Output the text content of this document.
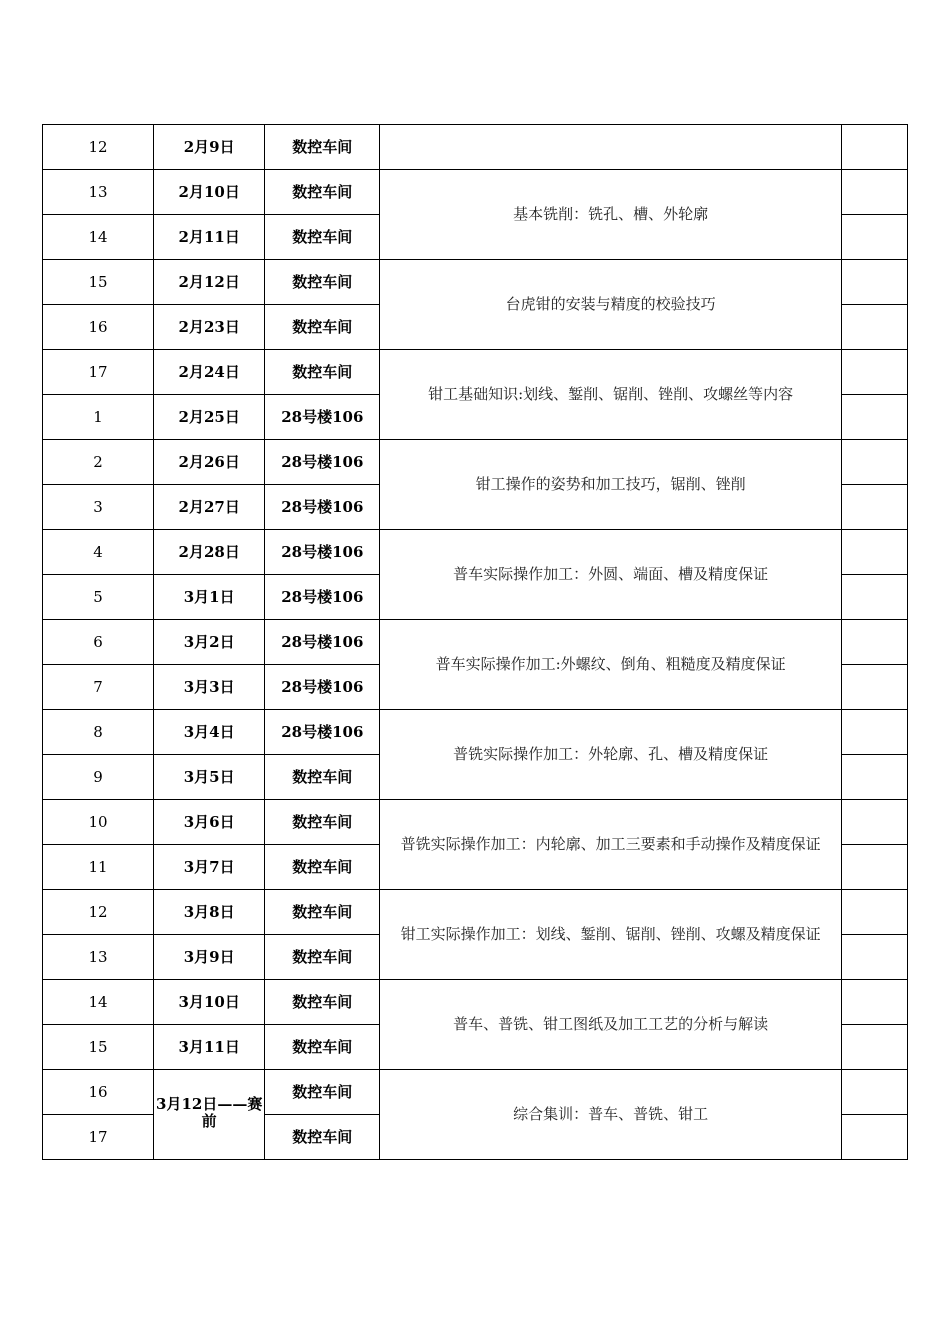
12	2月9日	数控车间		
13	2月10日	数控车间	基本铣削：铣孔、槽、外轮廓	
14	2月11日	数控车间		
15	2月12日	数控车间	台虎钳的安装与精度的校验技巧	
16	2月23日	数控车间		
17	2月24日	数控车间	钳工基础知识:划线、錾削、锯削、锉削、攻螺丝等内容	
1	2月25日	28号楼106		
2	2月26日	28号楼106	钳工操作的姿势和加工技巧，锯削、锉削	
3	2月27日	28号楼106		
4	2月28日	28号楼106	普车实际操作加工：外圆、端面、槽及精度保证	
5	3月1日	28号楼106		
6	3月2日	28号楼106	普车实际操作加工:外螺纹、倒角、粗糙度及精度保证	
7	3月3日	28号楼106		
8	3月4日	28号楼106	普铣实际操作加工：外轮廓、孔、槽及精度保证	
9	3月5日	数控车间		
10	3月6日	数控车间	普铣实际操作加工：内轮廓、加工三要素和手动操作及精度保证	
11	3月7日	数控车间		
12	3月8日	数控车间	钳工实际操作加工：划线、錾削、锯削、锉削、攻螺及精度保证	
13	3月9日	数控车间		
14	3月10日	数控车间	普车、普铣、钳工图纸及加工工艺的分析与解读	
15	3月11日	数控车间		
16	3月12日——赛前	数控车间	综合集训：普车、普铣、钳工	
17		数控车间		
